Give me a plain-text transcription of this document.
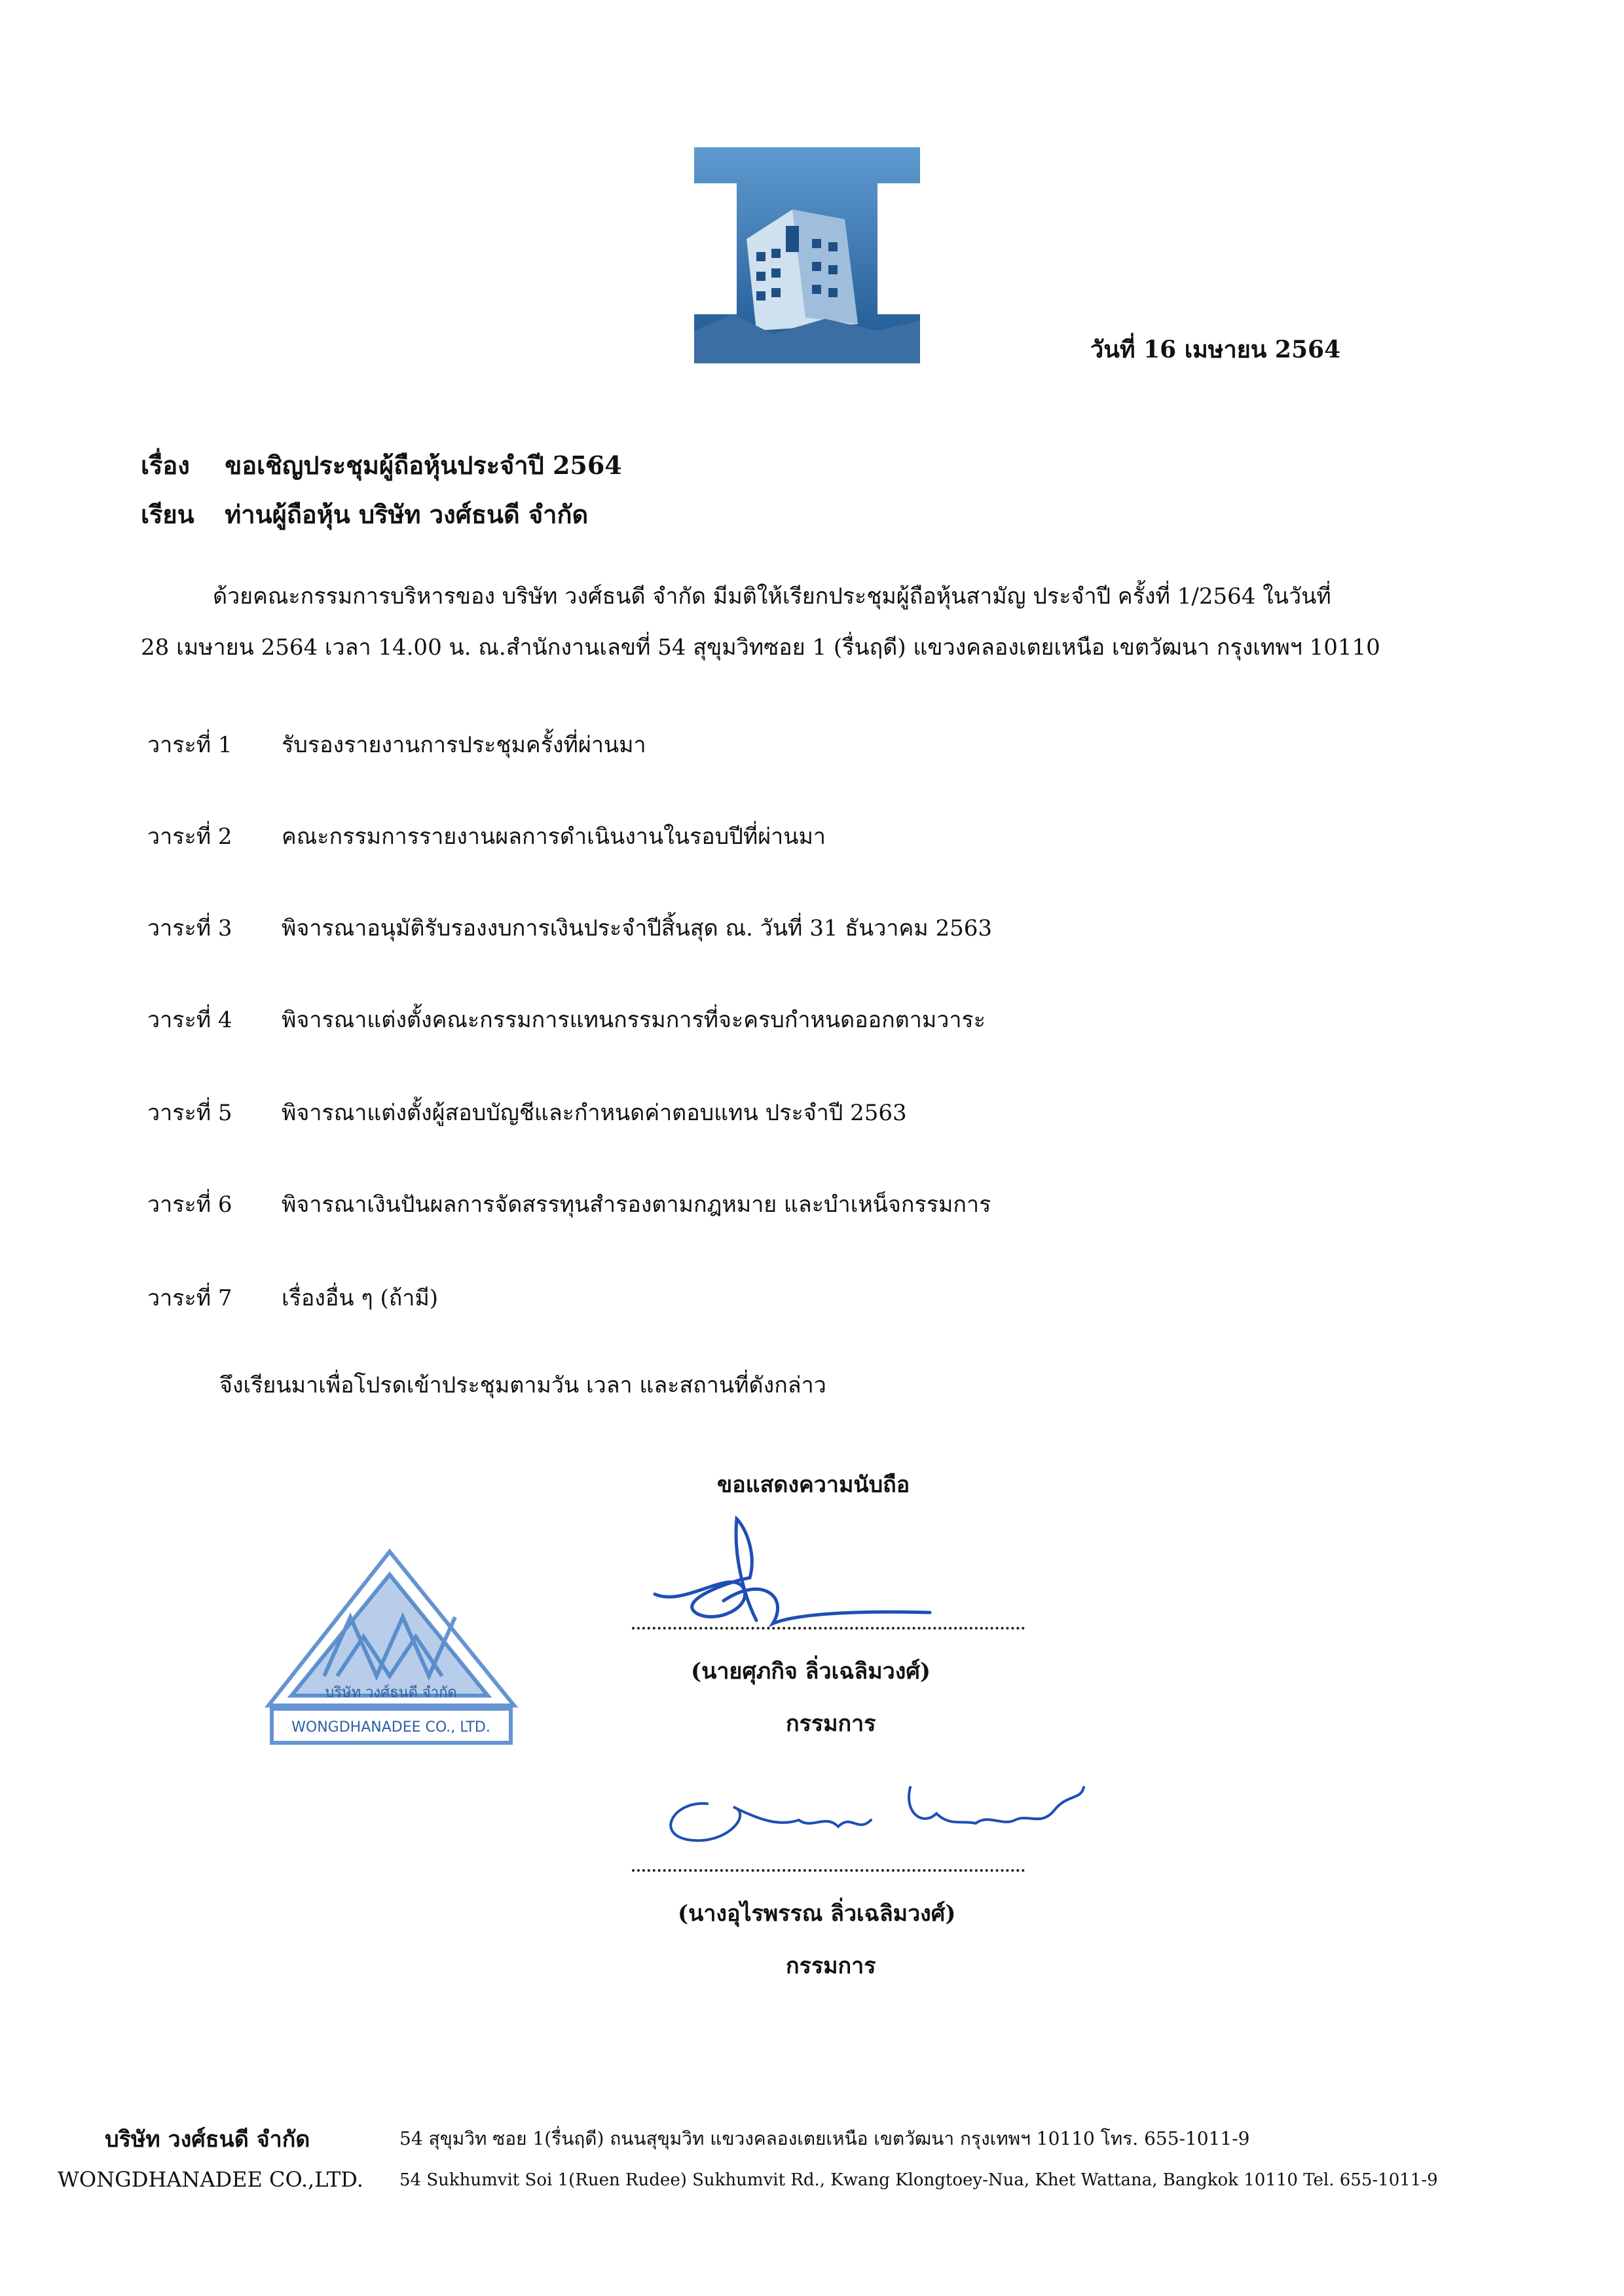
วันที่ 16 เมษายน 2564
เรื่อง ขอเชิญประชุมผู้ถือหุ้นประจำปี 2564
เรียน ท่านผู้ถือหุ้น บริษัท วงศ์ธนดี จำกัด
ด้วยคณะกรรมการบริหารของ บริษัท วงศ์ธนดี จำกัด มีมติให้เรียกประชุมผู้ถือหุ้นสามัญ ประจำปี ครั้งที่ 1/2564 ในวันที่
28 เมษายน 2564 เวลา 14.00 น. ณ.สำนักงานเลขที่ 54 สุขุมวิทซอย 1 (รื่นฤดี) แขวงคลองเตยเหนือ เขตวัฒนา กรุงเทพฯ 10110
วาระที่ 1 รับรองรายงานการประชุมครั้งที่ผ่านมา
วาระที่ 2 คณะกรรมการรายงานผลการดำเนินงานในรอบปีที่ผ่านมา
วาระที่ 3 พิจารณาอนุมัติรับรองงบการเงินประจำปีสิ้นสุด ณ. วันที่ 31 ธันวาคม 2563
วาระที่ 4 พิจารณาแต่งตั้งคณะกรรมการแทนกรรมการที่จะครบกำหนดออกตามวาระ
วาระที่ 5 พิจารณาแต่งตั้งผู้สอบบัญชีและกำหนดค่าตอบแทน ประจำปี 2563
วาระที่ 6 พิจารณาเงินปันผลการจัดสรรทุนสำรองตามกฎหมาย และบำเหน็จกรรมการ
วาระที่ 7 เรื่องอื่น ๆ (ถ้ามี)
จึงเรียนมาเพื่อโปรดเข้าประชุมตามวัน เวลา และสถานที่ดังกล่าว
ขอแสดงความนับถือ
บริษัท วงศ์ธนดี จำกัด
WONGDHANADEE CO., LTD.
(นายศุภกิจ ลิ่วเฉลิมวงศ์)
กรรมการ
(นางอุไรพรรณ ลิ่วเฉลิมวงศ์)
กรรมการ
บริษัท วงศ์ธนดี จำกัด
WONGDHANADEE CO.,LTD.
54 สุขุมวิท ซอย 1(รื่นฤดี) ถนนสุขุมวิท แขวงคลองเตยเหนือ เขตวัฒนา กรุงเทพฯ 10110 โทร. 655-1011-9
54 Sukhumvit Soi 1(Ruen Rudee) Sukhumvit Rd., Kwang Klongtoey-Nua, Khet Wattana, Bangkok 10110 Tel. 655-1011-9
